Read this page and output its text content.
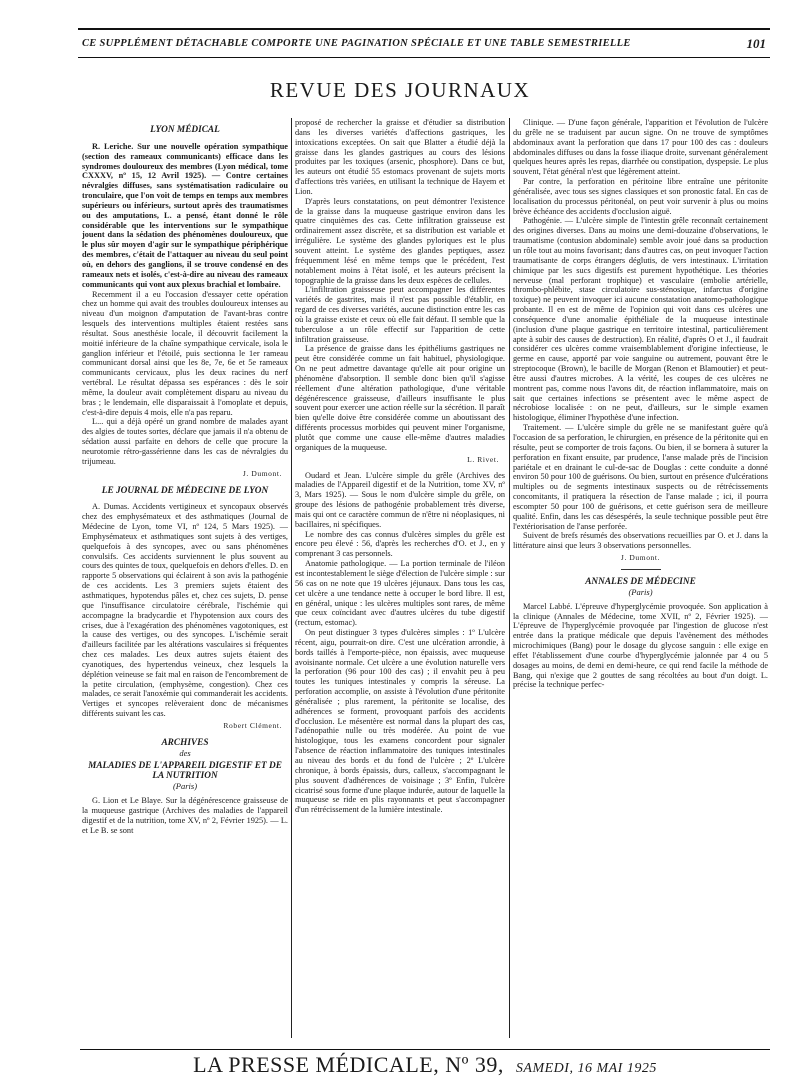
CE SUPPLÉMENT DÉTACHABLE COMPORTE UNE PAGINATION SPÉCIALE ET UNE TABLE SEMESTRIELLE	101
REVUE DES JOURNAUX
LYON MÉDICAL

R. Leriche. Sur une nouvelle opération sympathique (section des rameaux communicants) efficace dans les syndromes douloureux des membres (Lyon médical, tome CXXXV, nº 15, 12 Avril 1925). — Contre certaines névralgies diffuses, sans systématisation radiculaire ou tronculaire, que l'on voit de temps en temps aux membres supérieurs ou inférieurs, surtout après des traumatismes ou des amputations, L. a pensé, étant donné le rôle considérable que les interventions sur le sympathique jouent dans la sédation des phénomènes douloureux, que le plus sûr moyen d'agir sur le sympathique périphérique des membres, c'était de l'attaquer au niveau du seul point où, en dehors des ganglions, il se trouve condensé en des rameaux nets et isolés, c'est-à-dire au niveau des rameaux communicants qui vont aux plexus brachial et lombaire.

Recemment il a eu l'occasion d'essayer cette opération chez un homme qui avait des troubles douloureux intenses au niveau d'un moignon d'amputation de l'avant-bras contre lesquels des interventions multiples étaient restées sans résultat. Sous anesthésie locale, il découvrit facilement la moitié inférieure de la chaîne sympathique cervicale, isola le ganglion inférieur et l'étoilé, puis sectionna le 1er rameau communicant dorsal ainsi que les 8e, 7e, 6e et 5e rameaux communicants cervicaux, plus les deux racines du nerf vertébral. Le résultat dépassa ses espérances : dès le soir même, la douleur avait complètement disparu au niveau du bras ; le lendemain, elle disparaissait à l'omoplate et depuis, c'est-à-dire depuis 4 mois, elle n'a pas reparu.

L... qui a déjà opéré un grand nombre de malades ayant des algies de toutes sortes, déclare que jamais il n'a obtenu de sédation aussi parfaite en dehors de celle que procure la neurotomie rétro-gassérienne dans les cas de névralgies du trijumeau.

J. Dumont.
LE JOURNAL DE MÉDECINE DE LYON

A. Dumas. Accidents vertigineux et syncopaux observés chez des emphysémateux et des asthmatiques (Journal de Médecine de Lyon, tome VI, nº 124, 5 Mars 1925). — Emphysémateux et asthmatiques sont sujets à des vertiges, quelquefois à des syncopes, avec ou sans phénomènes convulsifs. Ces accidents surviennent le plus souvent au cours des quintes de toux, quelquefois en dehors d'elles. D. en rapporte 5 observations qui éclairent à son avis la pathogénie de ces accidents. Les 3 premiers sujets étaient des asthmatiques, hypotendus pâles et, chez ces sujets, D. pense que l'insuffisance circulatoire cérébrale, l'ischémie qui accompagne la bradycardie et l'hypotension aux cours des crises, due à l'exagération des phénomènes vagotoniques, est la cause des vertiges, ou des syncopes. L'ischémie serait d'ailleurs facilitée par les altérations vasculaires si fréquentes chez ces malades. Les deux autres sujets étaient des cyanotiques, des hypertendus veineux, chez lesquels la déplétion veineuse se fait mal en raison de l'encombrement de la petite circulation, (emphysème, congestion). Chez ces malades, ce serait l'anoxémie qui commanderait les accidents. Vertiges et syncopes relèveraient donc de mécanismes différents suivant les cas.

Robert Clément.
ARCHIVES
des
MALADIES DE L'APPAREIL DIGESTIF ET DE LA NUTRITION
(Paris)

G. Lion et Le Blaye. Sur la dégénérescence graisseuse de la muqueuse gastrique (Archives des maladies de l'appareil digestif et de la nutrition, tome XV, nº 2, Février 1925). — L. et Le B. se sont

proposé de rechercher la graisse et d'étudier sa distribution dans les diverses variétés d'affections gastriques, les intoxications exceptées. On sait que Blatter a étudié déjà la graisse dans les glandes gastriques au cours des lésions produites par les toxiques (arsenic, phosphore). Dans ce but, les auteurs ont étudié 55 estomacs provenant de sujets morts d'affections très variées, en utilisant la technique de Hayem et Lion.

D'après leurs constatations, on peut démontrer l'existence de la graisse dans la muqueuse gastrique environ dans les quatre cinquièmes des cas. Cette infiltration graisseuse est ordinairement assez discrète, et sa distribution est variable et irrégulière. Le système des glandes pyloriques est le plus souvent atteint. Le système des glandes peptiques, assez fréquemment lésé en même temps que le précédent, l'est notablement moins à l'état isolé, et les auteurs précisent la topographie de la graisse dans les deux espèces de cellules.

L'infiltration graisseuse peut accompagner les différentes variétés de gastrites, mais il n'est pas possible d'établir, en regard de ces diverses variétés, aucune distinction entre les cas où la graisse existe et ceux où elle fait défaut. Il semble que la tuberculose a un rôle effectif sur l'apparition de cette infiltration graisseuse.

La présence de graisse dans les épithéliums gastriques ne peut être considérée comme un fait habituel, physiologique. On ne peut admettre davantage qu'elle ait pour origine un phénomène d'absorption. Il semble donc bien qu'il s'agisse réellement d'une altération pathologique, d'une véritable dégénérescence graisseuse, d'ailleurs insuffisante le plus souvent pour exercer une action réelle sur la sécrétion. Il paraît bien qu'elle doive être considérée comme un aboutissant des différents processus morbides qui peuvent miner l'organisme, plutôt que comme une cause elle-même d'autres maladies organiques de la muqueuse.

L. Rivet.

Oudard et Jean. L'ulcère simple du grêle (Archives des maladies de l'Appareil digestif et de la Nutrition, tome XV, nº 3, Mars 1925). — Sous le nom d'ulcère simple du grêle, on groupe des lésions de pathogénie probablement très diverse, mais qui ont ce caractère commun de n'être ni néoplasiques, ni bacillaires, ni spécifiques.

Le nombre des cas connus d'ulcères simples du grêle est encore peu élevé : 56, d'après les recherches d'O. et J., en y comprenant 3 cas personnels.

Anatomie pathologique. — La portion terminale de l'iléon est incontestablement le siège d'élection de l'ulcère simple : sur 56 cas on ne note que 19 ulcères jéjunaux. Dans tous les cas, cet ulcère a une tendance nette à occuper le bord libre. Il est, en général, unique : les ulcères multiples sont rares, de même que ceux coïncidant avec d'autres ulcères du tube digestif (rectum, estomac).

On peut distinguer 3 types d'ulcères simples : 1º L'ulcère récent, aigu, pourrait-on dire. C'est une ulcération arrondie, à bords taillés à l'emporte-pièce, non épaissis, avec muqueuse avoisinante normale. Cet ulcère a une évolution naturelle vers la perforation (96 pour 100 des cas) ; il envahit peu à peu toutes les tuniques intestinales y compris la séreuse. La perforation accomplie, on assiste à l'évolution d'une péritonite généralisée ; plus rarement, la péritonite se localise, des adhérences se forment, provoquant parfois des accidents d'occlusion. Le mésentère est normal dans la plupart des cas, l'adénopathie nulle ou très modérée. Au point de vue histologique, tous les examens concordent pour signaler l'absence de réaction inflammatoire des tuniques intestinales au niveau des bords et du fond de l'ulcère ; 2º L'ulcère chronique, à bords épaissis, durs, calleux, s'accompagnant le plus souvent d'adhérences de voisinage ; 3º Enfin, l'ulcère cicatrisé sous forme d'une plaque indurée, autour de laquelle la muqueuse se ride en plis rayonnants et peut s'accompagner d'un rétrécissement de la lumière intestinale.

Clinique. — D'une façon générale, l'apparition et l'évolution de l'ulcère du grêle ne se traduisent par aucun signe. On ne trouve de symptômes abdominaux avant la perforation que dans 17 pour 100 des cas : douleurs abdominales diffuses ou dans la fosse iliaque droite, survenant généralement quelques heures après les repas, diarrhée ou constipation, dyspepsie. Le plus souvent, l'état général n'est que légèrement atteint.

Par contre, la perforation en péritoine libre entraîne une péritonite généralisée, avec tous ses signes classiques et son pronostic fatal. En cas de localisation du processus péritonéal, on peut voir survenir à plus ou moins brève échéance des accidents d'occlusion aiguë.

Pathogénie. — L'ulcère simple de l'intestin grêle reconnaît certainement des origines diverses. Dans au moins une demi-douzaine d'observations, le traumatisme (contusion abdominale) semble avoir joué dans sa production un rôle tout au moins favorisant; dans d'autres cas, on peut invoquer l'action traumatisante de corps étrangers déglutis, de vers intestinaux. L'irritation chimique par les sucs digestifs est purement hypothétique. Les théories nerveuse (mal perforant trophique) et vasculaire (embolie artérielle, thrombo-phlébite, stase circulatoire sus-sténosique, infarctus d'origine toxique) ne peuvent invoquer ici aucune constatation anatomo-pathologique probante. Il en est de même de l'opinion qui voit dans ces ulcères une conséquence d'une anomalie épithéliale de la muqueuse intestinale (inclusion d'une plaque gastrique en territoire intestinal, particulièrement apte à subir des causes de destruction). En réalité, d'après O et J., il faudrait considérer ces ulcères comme vraisemblablement d'origine infectieuse, le germe en cause, apporté par voie sanguine ou autrement, pouvant être le streptocoque (Brown), le bacille de Morgan (Renon et Blamoutier) et peut-être aussi d'autres microbes. A la vérité, les coupes de ces ulcères ne montrent pas, comme nous l'avons dit, de réaction inflammatoire, mais on sait que certaines infections se présentent avec le même aspect de nécrobiose localisée : on ne peut, d'ailleurs, sur le simple examen histologique, éliminer l'hypothèse d'une infection.

Traitement. — L'ulcère simple du grêle ne se manifestant guère qu'à l'occasion de sa perforation, le chirurgien, en présence de la péritonite qui en résulte, peut se comporter de trois façons. Ou bien, il se bornera à suturer la perforation en fixant ensuite, par prudence, l'anse malade près de l'incision pariétale et en drainant le cul-de-sac de Douglas : cette conduite a donné environ 50 pour 100 de guérisons. Ou bien, surtout en présence d'ulcérations multiples ou de segments intestinaux suspects ou de rétrécissements concomitants, il pratiquera la résection de l'anse malade ; ici, il pourra escompter 50 pour 100 de guérisons, et cette guérison sera de meilleure qualité. Enfin, dans les cas désespérés, la seule technique possible peut être l'extériorisation de l'anse perforée.

Suivent de brefs résumés des observations recueillies par O. et J. dans la littérature ainsi que leurs 3 observations personnelles.

J. Dumont.
ANNALES DE MÉDECINE
(Paris)

Marcel Labbé. L'épreuve d'hyperglycémie provoquée. Son application à la clinique (Annales de Médecine, tome XVII, nº 2, Février 1925). — L'épreuve de l'hyperglycémie provoquée par l'ingestion de glucose n'est entrée dans la pratique médicale que depuis l'avènement des méthodes microchimiques (Bang) pour le dosage du glycose sanguin : elle exige en effet l'établissement d'une courbe d'hyperglycémie jalonnée par 4 ou 5 dosages au moins, de demi en demi-heure, ce qui rend facile la méthode de Bang, qui n'exige que 2 gouttes de sang récoltées au bout d'un doigt. L. précise la technique perfec-

LA PRESSE MÉDICALE, Nº 39, SAMEDI, 16 MAI 1925
